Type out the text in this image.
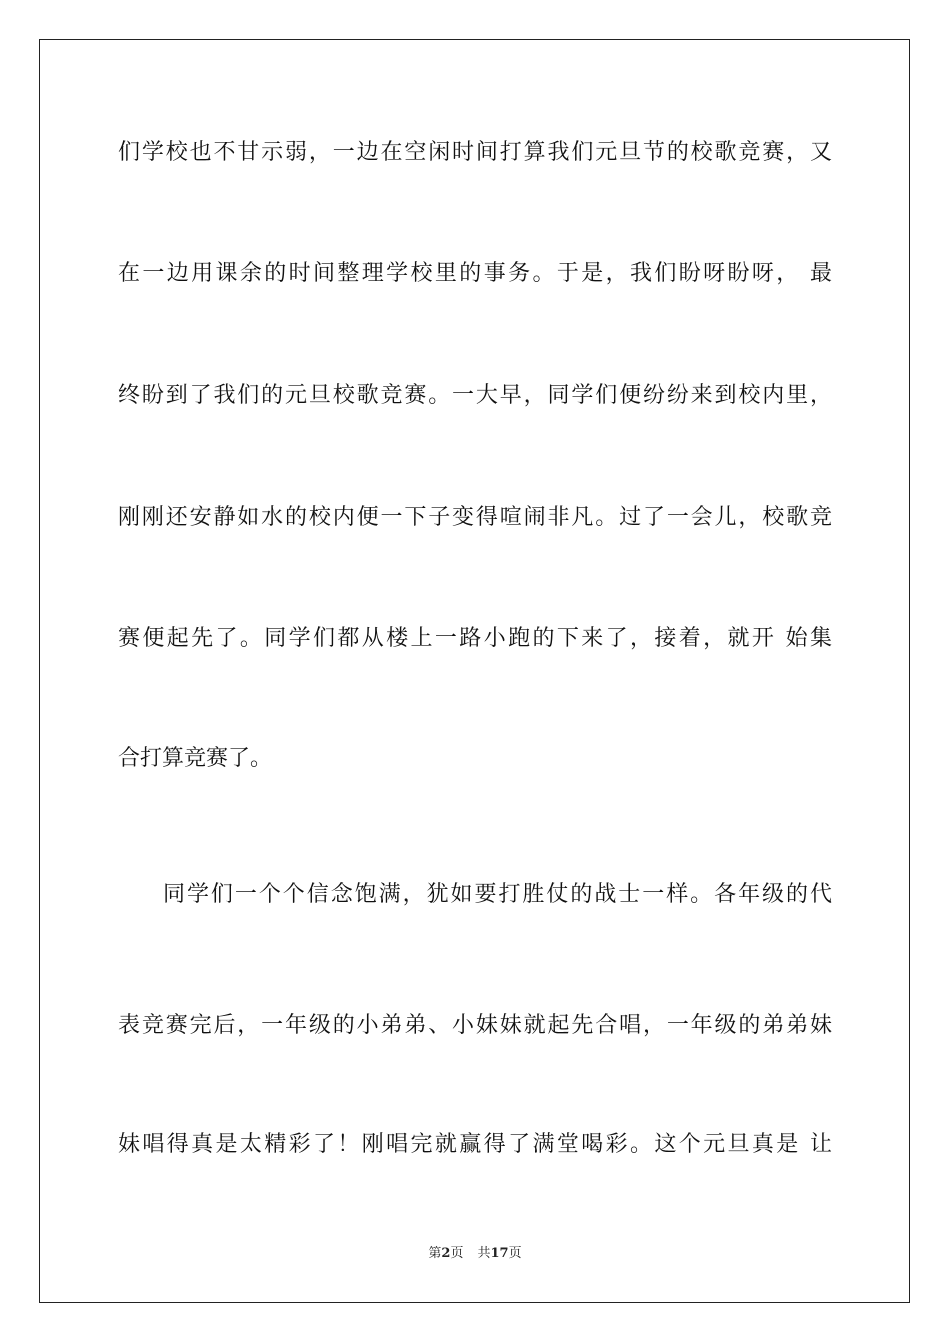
们学校也不甘示弱，一边在空闲时间打算我们元旦节的校歌竞赛，又
在一边用课余的时间整理学校里的事务。于是，我们盼呀盼呀， 最
终盼到了我们的元旦校歌竞赛。一大早，同学们便纷纷来到校内里，
刚刚还安静如水的校内便一下子变得喧闹非凡。过了一会儿，校歌竞
赛便起先了。同学们都从楼上一路小跑的下来了，接着，就开 始集
合打算竞赛了。
同学们一个个信念饱满，犹如要打胜仗的战士一样。各年级的代
表竞赛完后，一年级的小弟弟、小妹妹就起先合唱，一年级的弟弟妹
妹唱得真是太精彩了！刚唱完就赢得了满堂喝彩。这个元旦真是 让
第2页 共17页
